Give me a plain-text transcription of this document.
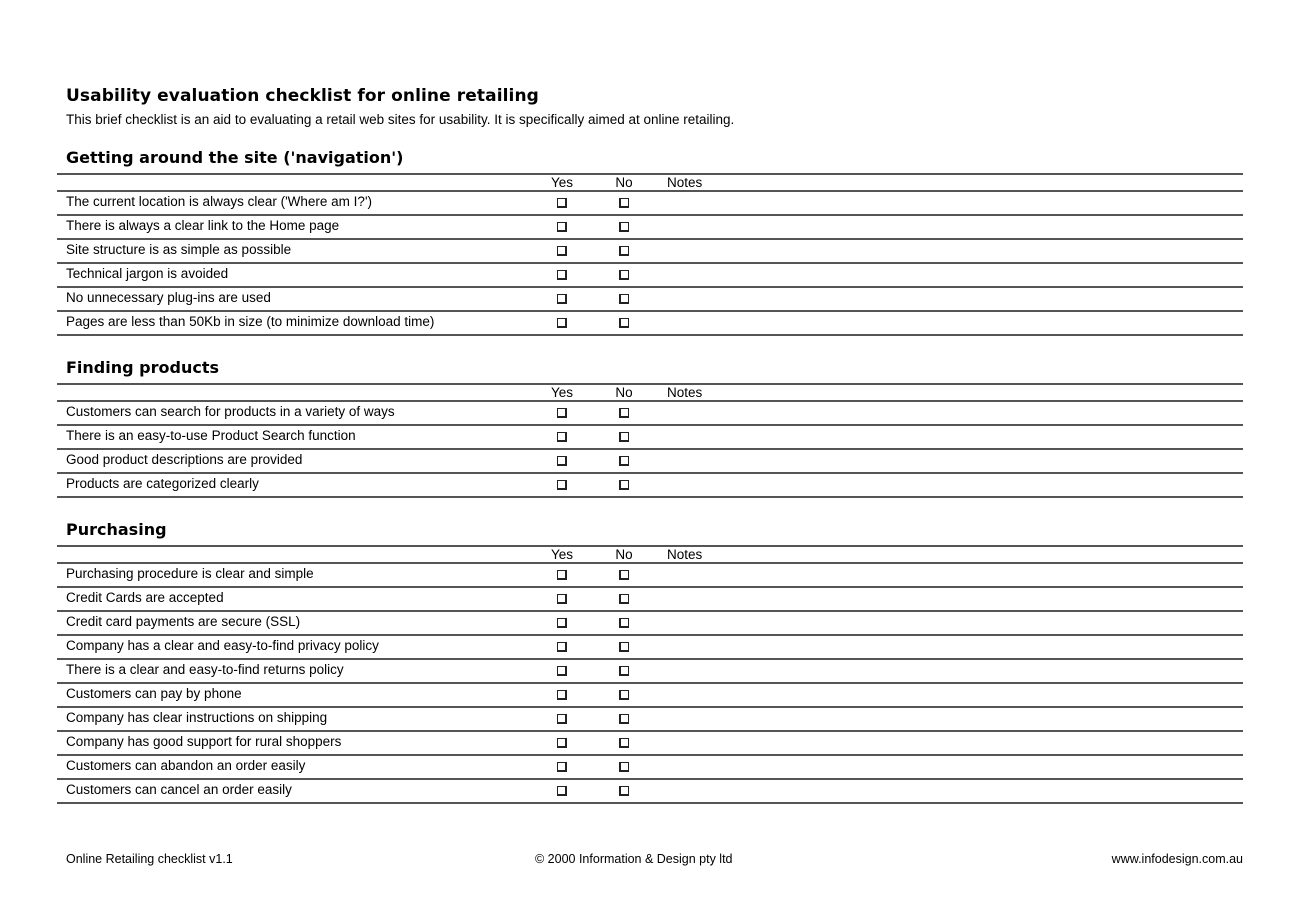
Usability evaluation checklist for online retailing
This brief checklist is an aid to evaluating a retail web sites for usability. It is specifically aimed at online retailing.
Getting around the site ('navigation')
	Yes	No	Notes
The current location is always clear ('Where am I?')			
There is always a clear link to the Home page			
Site structure is as simple as possible			
Technical jargon is avoided			
No unnecessary plug-ins are used			
Pages are less than 50Kb in size (to minimize download time)			
Finding products
	Yes	No	Notes
Customers can search for products in a variety of ways			
There is an easy-to-use Product Search function			
Good product descriptions are provided			
Products are categorized clearly			
Purchasing
	Yes	No	Notes
Purchasing procedure is clear and simple			
Credit Cards are accepted			
Credit card payments are secure (SSL)			
Company has a clear and easy-to-find privacy policy			
There is a clear and easy-to-find returns policy			
Customers can pay by phone			
Company has clear instructions on shipping			
Company has good support for rural shoppers			
Customers can abandon an order easily			
Customers can cancel an order easily			
Online Retailing checklist v1.1	© 2000 Information & Design pty ltd	www.infodesign.com.au
